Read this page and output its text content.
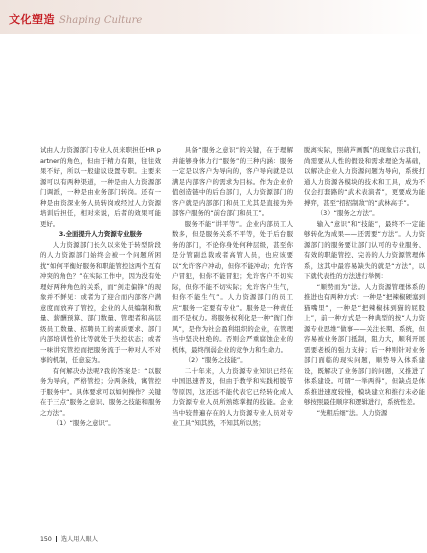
文化塑造 Shaping Culture

试由人力资源部门专业人员来职担任HR partner的角色，但由于精力有限，往往效果不好，所以一般建议设置专职。主要来源可以有两种渠道，一种是由人力资源部门调派，一种是由业务部门转岗。还有一种是由资深业务人员转岗或经过人力资源培训后担任，相对来说，后者的效果可能更好。

3.全面提升人力资源专业服务

人力资源部门长久以来处于转型阶段的人力资源部门始终会被一个问题所困扰“如何平衡好服务和职能管控这两个互有冲突的角色？”在实际工作中，因为没有处理好两种角色的关系，而“剑走偏锋”的现象并不鲜见：或者为了迎合而内部客户满意度而放弃了管控，企业的人员编制和数量、薪酬预算、部门数量、管理者和高层级员工数量、招聘员工的素质要求、部门内部培训性价比等就处于失控状态；或者一味讲究管控而把服务流于一种对人不对事的机制，任意妄为。

有何解决办法呢?我的答案是：“以服务为导向，严格管控；分两条线，寓管控于服务中”。具体要求可以如何操作？关键在于三点“服务之意识、服务之技能和服务之方法”。

（1）“服务之意识”。

具备“服务之意识”的关键，在于理解并能够身体力行“服务”的三种内涵：服务一定是以客户为导向的，客户导向就是以满足内部客户的需求为目标。作为企业价值创造链中的后台部门，人力资源部门的客户就是内部部门和员工尤其是直接为外部客户服务的“前台部门和员工”。

服务不能“讲平等”。企业内部员工人数多，但是服务关系不平等，处于后台服务的部门，不论你身处何种层级，甚至你是分管副总裁或者高管人员，也应该要以“允许客户冲动，但你不能冲动；允许客户冒犯，但你不能冒犯；允许客户不切实际，但你不能不切实际；允许客户生气，但你不能生气”。人力资源部门的员工应“服务一定要有专业”。服务是一种责任而不是权力。将服务权利化是一种“衙门作风”，是作为社会盈利组织的企业，在管理当中坚决杜绝的。否则会严重腐蚀企业的机体，最终削弱企业的竞争力和生命力。

（2）“服务之技能”。

二十年来，人力资源专业知识已经在中国迅速普及，但由于教学和实践相脱节等原因，这还远不能代表它已经转化成人力资源专业人员所熟练掌握的技能。企业当中较普遍存在的人力资源专业人员对专业工具“知其然，不知其所以然；

脱离实际，照葫芦画瓢”的现象启示我们，尚需要从人性的假设和需求理论为基础，以解决企业人力资源问题为导向，系统打通人力资源各模块的技术和工具，成为不仅会打套路的“武术表演者”，更要成为能搏弈，甚至“招招制敌”的“武林高手”。

（3）“服务之方法”。

输入“意识”和“技能”，最终不一定能够转化为成果——还需要“方法”。人力资源部门的服务要让部门认可的专业服务、有效的职能管控、完善的人力资源管理体系，这其中最容易缺失的就是“方法”，以下就代表性的方法进行举例：

“顺势而为”法。人力资源管理体系的推进也有两种方式：一种是“把辣椒硬塞到猫嘴里”，一种是“把辣椒抹到猫的屁股上”，前一种方式是一种典型的按“人力资源专业思维”做事——关注长期、系统，但容易被业务部门抵制，阻力大，顺利开展需要老板的强力支持；后一种则针对业务部门面临的现实问题，顺势导入体系建设，既解决了业务部门的问题，又推进了体系建设。可谓“一举两得”，但缺点是体系推进速度较慢，模块建立和推行未必能够按照最佳顺序和逻辑进行，系统性差。

“先粗后细”法。人力资源

150 选人用人眼人
